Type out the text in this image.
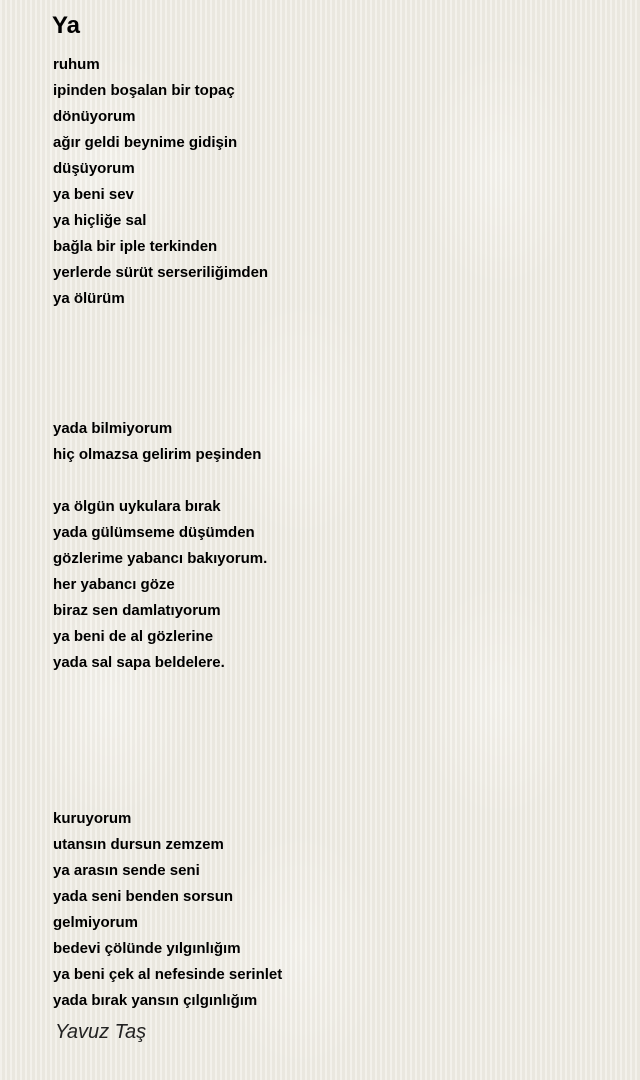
Ya
ruhum
ipinden boşalan bir topaç
dönüyorum
ağır geldi beynime gidişin
düşüyorum
ya beni sev
ya hiçliğe sal
bağla bir iple terkinden
yerlerde sürüt serseriliğimden
ya ölürüm
yada bilmiyorum
hiç olmazsa gelirim peşinden
ya ölgün uykulara bırak
yada gülümseme düşümden
gözlerime yabancı bakıyorum.
her yabancı göze
biraz sen damlatıyorum
ya beni de al gözlerine
yada sal sapa beldelere.
kuruyorum
utansın dursun zemzem
ya arasın sende seni
yada seni benden sorsun
gelmiyorum
bedevi çölünde yılgınlığım
ya beni çek al nefesinde serinlet
yada bırak yansın çılgınlığım
Yavuz Taş
